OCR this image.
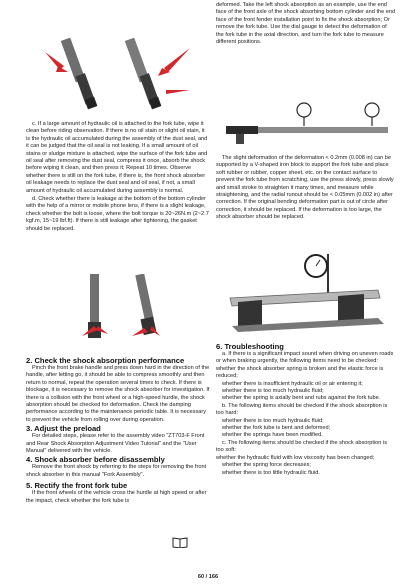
c. If a large amount of hydraulic oil is attached to the fork tube, wipe it clean before riding observation. If there is no oil stain or slight oil stain, it is the hydraulic oil accumulated during the assembly of the dust seal, and it can be judged that the oil seal is not leaking. If a small amount of oil stains or sludge mixture is attached, wipe the surface of the fork tube and oil seal after removing the dust seal, compress it once, absorb the shock before wiping it clean, and then press it; Repeat 10 times. Observe whether there is still on the fork tube, if there is, the front shock absorber oil leakage needs to replace the dust seal and oil seal, if not, a small amount of hydraulic oil accumulated during assembly is normal.

d. Check whether there is leakage at the bottom of the bottom cylinder with the help of a mirror or mobile phone lens, if there is a slight leakage, check whether the bolt is loose, where the bolt torque is 20~26N.m (2~2.7 kgf.m, 15~19 lbf.ft). If there is still leakage after tightening, the gasket should be replaced.

2. Check the shock absorption performance

Pinch the front brake handle and press down hard in the direction of the handle, after letting go, it should be able to compress smoothly and then return to normal, repeat the operation several times to check. If there is blockage, it is necessary to remove the shock absorber for investigation. If there is a collision with the front wheel or a high-speed hurdle, the shock absorption should be checked for deformation. Check the damping performance according to the maintenance periodic table. It is necessary to prevent the vehicle from rolling over during operation.

3. Adjust the preload

For detailed steps, please refer to the assembly video "ZT703-F Front and Rear Shock Absorption Adjustment Video Tutorial" and the "User Manual" delivered with the vehicle.

4. Shock absorber before disassembly

Remove the front shock by referring to the steps for removing the front shock absorber in this manual "Fork Assembly".

5. Rectify the front fork tube

If the front wheels of the vehicle cross the hurdle at high speed or after the impact, check whether the fork tube is

deformed. Take the left shock absorption as an example, use the end face of the front axle of the shock absorbing bottom cylinder and the end face of the front fender installation point to fix the shock absorption; Or remove the fork tube. Use the dial gauge to detect the deformation of the fork tube in the axial direction, and turn the fork tube to measure different positions.

The slight deformation of the deformation < 0.2mm (0.008 in) can be supported by a V-shaped iron block to support the fork tube and place soft rubber or rubber, copper sheet, etc. on the contact surface to prevent the fork tube from scratching, use the press slowly, press slowly and small stroke to straighten it many times, and measure while straightening, and the radial runout should be < 0.05mm (0.002 in) after correction. If the original bending deformation part is out of circle after correction, it should be replaced. If the deformation is too large, the shock absorber should be replaced.

6. Troubleshooting

a. If there is a significant impact sound when driving on uneven roads or when braking urgently, the following items need to be checked:

whether the shock absorber spring is broken and the elastic force is reduced;

whether there is insufficient hydraulic oil or air entering it;

whether there is too much hydraulic fluid;

whether the spring is axially bent and rubs against the fork tube.

b. The following items should be checked if the shock absorption is too hard:

whether there is too much hydraulic fluid;

whether the fork tube is bent and deformed;

whether the springs have been modified.

c. The following items should be checked if the shock absorption is too soft:

whether the hydraulic fluid with low viscosity has been changed;

whether the spring force decreases;

whether there is too little hydraulic fluid.

60 / 166
